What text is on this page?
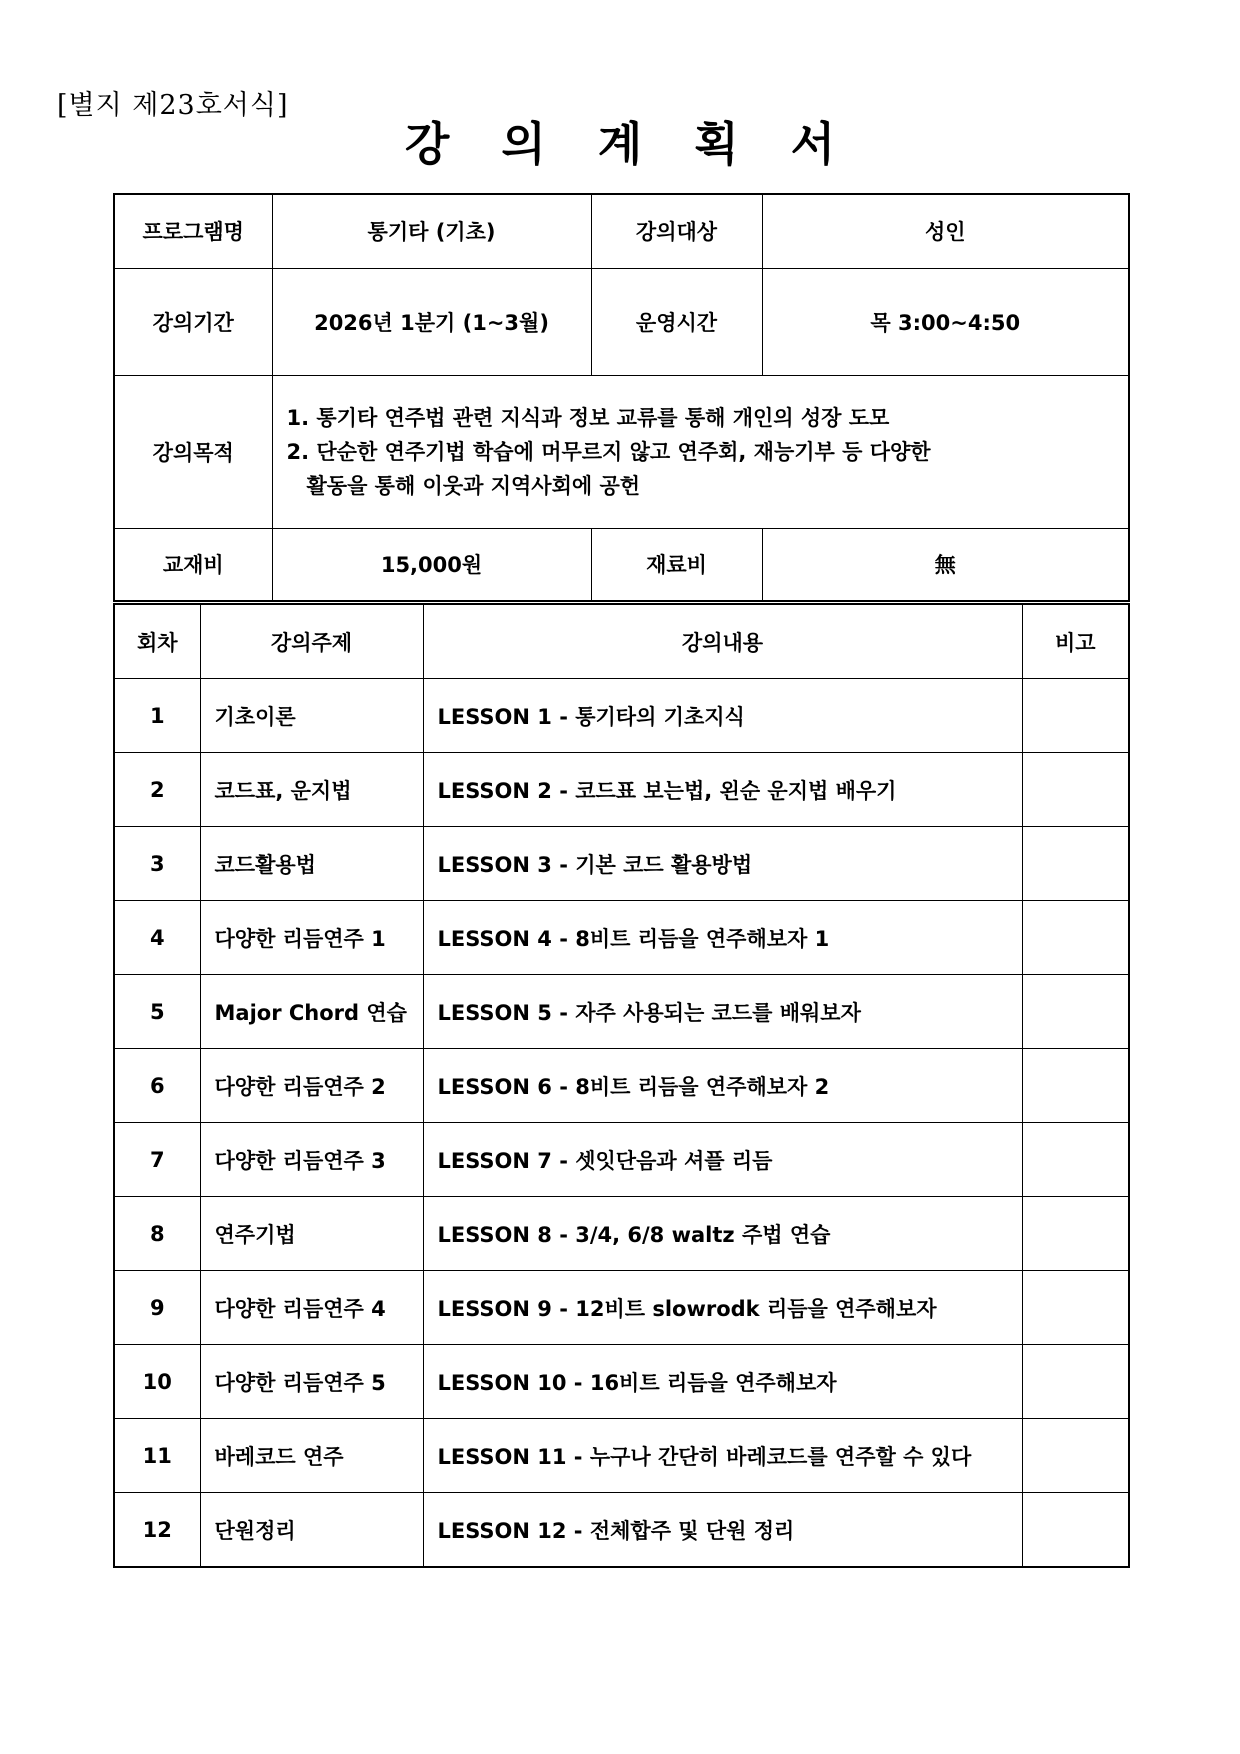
[별지 제23호서식]
강 의 계 획 서
프로그램명	통기타 (기초)	강의대상	성인
강의기간	2026년 1분기 (1~3월)	운영시간	목 3:00~4:50
강의목적	1. 통기타 연주법 관련 지식과 정보 교류를 통해 개인의 성장 도모
2. 단순한 연주기법 학습에 머무르지 않고 연주회, 재능기부 등 다양한
활동을 통해 이웃과 지역사회에 공헌		

교재비	15,000원	재료비	無
회차	강의주제	강의내용	비고
1	기초이론	LESSON 1 - 통기타의 기초지식	
2	코드표, 운지법	LESSON 2 - 코드표 보는법, 왼순 운지법 배우기	
3	코드활용법	LESSON 3 - 기본 코드 활용방법	
4	다양한 리듬연주 1	LESSON 4 - 8비트 리듬을 연주해보자 1	
5	Major Chord 연습	LESSON 5 - 자주 사용되는 코드를 배워보자	
6	다양한 리듬연주 2	LESSON 6 - 8비트 리듬을 연주해보자 2	
7	다양한 리듬연주 3	LESSON 7 - 셋잇단음과 셔플 리듬	
8	연주기법	LESSON 8 - 3/4, 6/8 waltz 주법 연습	
9	다양한 리듬연주 4	LESSON 9 - 12비트 slowrodk 리듬을 연주해보자	
10	다양한 리듬연주 5	LESSON 10 - 16비트 리듬을 연주해보자	
11	바레코드 연주	LESSON 11 - 누구나 간단히 바레코드를 연주할 수 있다	
12	단원정리	LESSON 12 - 전체합주 및 단원 정리	
